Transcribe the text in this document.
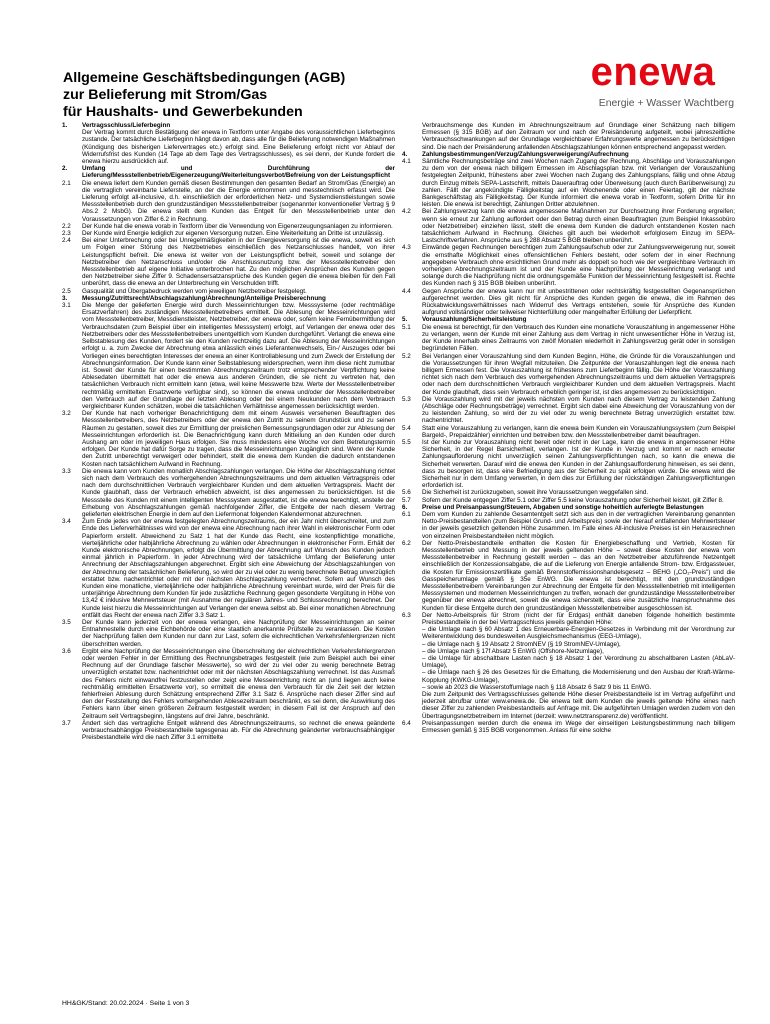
Allgemeine Geschäftsbedingungen (AGB)
zur Belieferung mit Strom/Gas
für Haushalts- und Gewerbekunden
enewa
Energie + Wasser Wachtberg
1. Vertragsschluss/Lieferbeginn
Der Vertrag kommt durch Bestätigung der enewa in Textform unter Angabe des voraussichtlichen Lieferbeginns zustande. Der tatsächliche Lieferbeginn hängt davon ab, dass alle für die Belieferung notwendigen Maßnahmen (Kündigung des bisherigen Liefervertrages etc.) erfolgt sind. Eine Belieferung erfolgt nicht vor Ablauf der Widerrufsfrist des Kunden (14 Tage ab dem Tage des Vertragsschlusses), es sei denn, der Kunde fordert die enewa hierzu ausdrücklich auf.
2. Umfang und Durchführung der Lieferung/Messstellenbetrieb/Eigenerzeugung/Weiterleitungsverbot/Befreiung von der Leistungspflicht
2.1 Die enewa liefert dem Kunden gemäß diesen Bestimmungen den gesamten Bedarf an Strom/Gas (Energie) an die vertraglich vereinbarte Lieferstelle, an der die Energie entnommen und messtechnisch erfasst wird. Die Lieferung erfolgt all-inclusive, d.h. einschließlich der erforderlichen Netz- und Systemdienstleistungen sowie Messstellenbetrieb durch den grundzuständigen Messstellenbetreiber (sogenannter konventioneller Vertrag § 9 Abs.2 2 MsbG). Die enewa stellt dem Kunden das Entgelt für den Messstellenbetrieb unter den Voraussetzungen von Ziffer 6.2 in Rechnung.
2.2 Der Kunde hat die enewa vorab in Textform über die Verwendung von Eigenerzeugungsanlagen zu informieren.
2.3 Der Kunde wird Energie lediglich zur eigenen Versorgung nutzen. Eine Weiterleitung an Dritte ist unzulässig.
2.4 Bei einer Unterbrechung oder bei Unregelmäßigkeiten in der Energieversorgung ist die enewa, soweit es sich um Folgen einer Störung des Netzbetriebes einschließlich des Netzanschlusses handelt, von ihrer Leistungspflicht befreit. Die enewa ist weiter von der Leistungspflicht befreit, soweit und solange der Netzbetreiber den Netzanschluss und/oder die Anschlussnutzung bzw. der Messstellenbetreiber den Messstellenbetrieb auf eigene Initiative unterbrochen hat. Zu den möglichen Ansprüchen des Kunden gegen den Netzbetreiber siehe Ziffer 9. Schadensersatzansprüche des Kunden gegen die enewa bleiben für den Fall unberührt, dass die enewa an der Unterbrechung ein Verschulden trifft.
2.5 Gasqualität und Übergabedruck werden vom jeweiligen Netzbetreiber festgelegt.
3. Messung/Zutrittsrecht/Abschlagszahlung/Abrechnung/Anteilige Preisberechnung
3.1 Die Menge der gelieferten Energie wird durch Messeinrichtungen bzw. Messsysteme (oder rechtmäßige Ersatzverfahren) des zuständigen Messstellenbetreibers ermittelt. Die Ablesung der Messeinrichtungen wird vom Messstellenbetreiber, Messdienstleister, Netzbetreiber, der enewa oder, sofern keine Fernübermittlung der Verbrauchsdaten (zum Beispiel über ein intelligentes Messsystem) erfolgt, auf Verlangen der enewa oder des Netzbetreibers oder des Messstellenbetreibers unentgeltlich vom Kunden durchgeführt. Verlangt die enewa eine Selbstablesung des Kunden, fordert sie den Kunden rechtzeitig dazu auf. Die Ablesung der Messeinrichtungen erfolgt u. a. zum Zwecke der Abrechnung etwa anlässlich eines Lieferantenwechsels, Ein-/ Auszuges oder bei Vorliegen eines berechtigten Interesses der enewa an einer Kontrollablesung und zum Zweck der Erstellung der Abrechnungsinformation. Der Kunde kann einer Selbstablesung widersprechen, wenn ihm diese nicht zumutbar ist. Soweit der Kunde für einen bestimmten Abrechnungszeitraum trotz entsprechender Verpflichtung keine Ablesedaten übermittelt hat oder die enewa aus anderen Gründen, die sie nicht zu vertreten hat, den tatsächlichen Verbrauch nicht ermitteln kann (etwa, weil keine Messwerte bzw. Werte der Messstellenbetreiber rechtmäßig ermittelten Ersatzwerte verfügbar sind), so können die enewa und/oder der Messstellenbetreiber den Verbrauch auf der Grundlage der letzten Ablesung oder bei einem Neukunden nach dem Verbrauch vergleichbarer Kunden schätzen, wobei die tatsächlichen Verhältnisse angemessen berücksichtigt werden.
3.2 Der Kunde hat nach vorheriger Benachrichtigung dem mit einem Ausweis versehenen Beauftragten des Messstellenbetreibers, des Netzbetreibers oder der enewa den Zutritt zu seinem Grundstück und zu seinen Räumen zu gestatten, soweit dies zur Ermittlung der preislichen Bemessungsgrundlagen oder zur Ablesung der Messeinrichtungen erforderlich ist. Die Benachrichtigung kann durch Mitteilung an den Kunden oder durch Aushang am oder im jeweiligen Haus erfolgen. Sie muss mindestens eine Woche vor dem Betretungstermin erfolgen. Der Kunde hat dafür Sorge zu tragen, dass die Messeinrichtungen zugänglich sind. Wenn der Kunde den Zutritt unberechtigt verweigert oder behindert, stellt die enewa dem Kunden die dadurch entstandenen Kosten nach tatsächlichem Aufwand in Rechnung.
3.3 Die enewa kann vom Kunden monatlich Abschlagszahlungen verlangen. Die Höhe der Abschlagszahlung richtet sich nach dem Verbrauch des vorhergehenden Abrechnungszeitraums und dem aktuellen Vertragspreis oder nach dem durchschnittlichen Verbrauch vergleichbarer Kunden und dem aktuellen Vertragspreis. Macht der Kunde glaubhaft, dass der Verbrauch erheblich abweicht, ist dies angemessen zu berücksichtigen. Ist die Messstelle des Kunden mit einem intelligenten Messsystem ausgestattet, ist die enewa berechtigt, anstelle der Erhebung von Abschlagszahlungen gemäß nachfolgender Ziffer, die Entgelte der nach diesem Vertrag gelieferten elektrischen Energie in dem auf den Liefermonat folgenden Kalendermonat abzurechnen.
3.4 Zum Ende jedes von der enewa festgelegten Abrechnungszeitraums, der ein Jahr nicht überschreitet, und zum Ende des Lieferverhältnisses wird von der enewa eine Abrechnung nach ihrer Wahl in elektronischer Form oder Papierform erstellt. Abweichend zu Satz 1 hat der Kunde das Recht, eine kostenpflichtige monatliche, vierteljährliche oder halbjährliche Abrechnung zu wählen oder Abrechnungen in elektronischer Form. Erhält der Kunde elektronische Abrechnungen, erfolgt die Übermittlung der Abrechnung auf Wunsch des Kunden jedoch einmal jährlich in Papierform. In jeder Abrechnung wird der tatsächliche Umfang der Belieferung unter Anrechnung der Abschlagszahlungen abgerechnet. Ergibt sich eine Abweichung der Abschlagszahlungen von der Abrechnung der tatsächlichen Belieferung, so wird der zu viel oder zu wenig berechnete Betrag unverzüglich erstattet bzw. nachentrichtet oder mit der nächsten Abschlagszahlung verrechnet. Sofern auf Wunsch des Kunden eine monatliche, vierteljährliche oder halbjährliche Abrechnung vereinbart wurde, wird der Preis für die unterjährige Abrechnung dem Kunden für jede zusätzliche Rechnung gegen gesonderte Vergütung in Höhe von 13,42 € inklusive Mehrwertsteuer (mit Ausnahme der regulären Jahres- und Schlussrechnung) berechnet. Der Kunde leist hierzu die Messeinrichtungen auf Verlangen der enewa selbst ab. Bei einer monatlichen Abrechnung entfällt das Recht der enewa nach Ziffer 3.3 Satz 1.
3.5 Der Kunde kann jederzeit von der enewa verlangen, eine Nachprüfung der Messeinrichtungen an seiner Entnahmestelle durch eine Eichbehörde oder eine staatlich anerkannte Prüfstelle zu veranlassen. Die Kosten der Nachprüfung fallen dem Kunden nur dann zur Last, sofern die eichrechtlichen Verkehrsfehlergrenzen nicht überschritten werden.
3.6 Ergibt eine Nachprüfung der Messeinrichtungen eine Überschreitung der eichrechtlichen Verkehrsfehlergrenzen oder werden Fehler in der Ermittlung des Rechnungsbetrages festgestellt (wie zum Beispiel auch bei einer Rechnung auf der Grundlage falscher Messwerte), so wird der zu viel oder zu wenig berechnete Betrag unverzüglich erstattet bzw. nachentrichtet oder mit der nächsten Abschlagszahlung verrechnet. Ist das Ausmaß des Fehlers nicht einwandfrei festzustellen oder zeigt eine Messeinrichtung nicht an (und liegen auch keine rechtmäßig ermittelten Ersatzwerte vor), so ermittelt die enewa den Verbrauch für die Zeit seit der letzten fehlerfreien Ablesung durch Schätzung entsprechend Ziffer 3.1 Satz 6. Ansprüche nach dieser Ziffer sind auf den der Feststellung des Fehlers vorhergehenden Ablesezeitraum beschränkt, es sei denn, die Auswirkung des Fehlers kann über einen größeren Zeitraum festgestellt werden; in diesem Fall ist der Anspruch auf den Zeitraum seit Vertragsbeginn, längstens auf drei Jahre, beschränkt.
3.7 Ändert sich das vertragliche Entgelt während des Abrechnungszeitraums, so rechnet die enewa geänderte verbrauchsabhängige Preisbestandteile tagesgenau ab. Für die Abrechnung geänderter verbrauchsabhängiger Preisbestandteile wird die nach Ziffer 3.1 ermittelte
Verbrauchsmenge des Kunden im Abrechnungszeitraum auf Grundlage einer Schätzung nach billigem Ermessen (§ 315 BGB) auf den Zeitraum vor und nach der Preisänderung aufgeteilt, wobei jahreszeitliche Verbrauchsschwankungen auf der Grundlage vergleichbarer Erfahrungswerte angemessen zu berücksichtigen sind. Die nach der Preisänderung anfallenden Abschlagszahlungen können entsprechend angepasst werden.
4. Zahlungsbestimmungen/Verzug/Zahlungsverweigerung/Aufrechnung
4.1 Sämtliche Rechnungsbeträge sind zwei Wochen nach Zugang der Rechnung, Abschläge und Vorauszahlungen zu dem von der enewa nach billigem Ermessen im Abschlagsplan bzw. mit Verlangen der Vorauszahlung festgelegten Zeitpunkt, frühestens aber zwei Wochen nach Zugang des Zahlungsplans, fällig und ohne Abzug durch Einzug mittels SEPA-Lastschrift, mittels Dauerauftrag oder Überweisung (auch durch Barüberweisung) zu zahlen. Fällt der angekündigte Fälligkeitstag auf ein Wochenende oder einen Feiertag, gilt der nächste Bankgeschäftstag als Fälligkeitstag. Der Kunde informiert die enewa vorab in Textform, sofern Dritte für ihn leisten. Die enewa ist berechtigt, Zahlungen Dritter abzulehnen.
4.2 Bei Zahlungsverzug kann die enewa angemessene Maßnahmen zur Durchsetzung ihrer Forderung ergreifen; wenn sie erneut zur Zahlung auffordert oder den Betrag durch einen Beauftragten (zum Beispiel Inkassobüro oder Netzbetreiber) einziehen lässt, stellt die enewa dem Kunden die dadurch entstandenen Kosten nach tatsächlichem Aufwand in Rechnung. Gleiches gilt auch bei wiederholt erfolglosem Einzug im SEPA-Lastschriftverfahren. Ansprüche aus § 288 Absatz 5 BGB bleiben unberührt.
4.3 Einwände gegen Rechnungen berechtigen zum Zahlungsaufschub oder zur Zahlungsverweigerung nur, soweit die ernsthafte Möglichkeit eines offensichtlichen Fehlers besteht, oder sofern der in einer Rechnung angegebene Verbrauch ohne ersichtlichen Grund mehr als doppelt so hoch wie der vergleichbare Verbrauch im vorherigen Abrechnungszeitraum ist und der Kunde eine Nachprüfung der Messeinrichtung verlangt und solange durch die Nachprüfung nicht die ordnungsgemäße Funktion der Messeinrichtung festgestellt ist. Rechte des Kunden nach § 315 BGB bleiben unberührt.
4.4 Gegen Ansprüche der enewa kann nur mit unbestrittenen oder rechtskräftig festgestellten Gegenansprüchen aufgerechnet werden. Dies gilt nicht für Ansprüche des Kunden gegen die enewa, die im Rahmen des Rückabwicklungsverhältnisses nach Widerruf des Vertrags entstehen, sowie für Ansprüche des Kunden aufgrund vollständiger oder teilweiser Nichterfüllung oder mangelhafter Erfüllung der Lieferpflicht.
5. Vorauszahlung/Sicherheitsleistung
5.1 Die enewa ist berechtigt, für den Verbrauch des Kunden eine monatliche Vorauszahlung in angemessener Höhe zu verlangen, wenn der Kunde mit einer Zahlung aus dem Vertrag in nicht unwesentlicher Höhe in Verzug ist, der Kunde innerhalb eines Zeitraums von zwölf Monaten wiederholt in Zahlungsverzug gerät oder in sonstigen begründeten Fällen.
5.2 Bei Verlangen einer Vorauszahlung sind dem Kunden Beginn, Höhe, die Gründe für die Vorauszahlungen und die Voraussetzungen für ihren Wegfall mitzuteilen. Die Zeitpunkte der Vorauszahlungen legt die enewa nach billigem Ermessen fest. Die Vorauszahlung ist frühestens zum Lieferbeginn fällig. Die Höhe der Vorauszahlung richtet sich nach dem Verbrauch des vorhergehenden Abrechnungszeitraums und dem aktuellen Vertragspreis oder nach dem durchschnittlichen Verbrauch vergleichbarer Kunden und dem aktuellen Vertragspreis. Macht der Kunde glaubhaft, dass sein Verbrauch erheblich geringer ist, ist dies angemessen zu berücksichtigen.
5.3 Die Vorauszahlung wird mit der jeweils nächsten vom Kunden nach diesem Vertrag zu leistenden Zahlung (Abschläge oder Rechnungsbeträge) verrechnet. Ergibt sich dabei eine Abweichung der Vorauszahlung von der zu leistenden Zahlung, so wird der zu viel oder zu wenig berechnete Betrag unverzüglich erstattet bzw. nachentrichtet.
5.4 Statt eine Vorauszahlung zu verlangen, kann die enewa beim Kunden ein Vorauszahlungssystem (zum Beispiel Bargeld-, Prepaidzähler) einrichten und betreiben bzw. den Messstellenbetreiber damit beauftragen.
5.5 Ist der Kunde zur Vorauszahlung nicht bereit oder nicht in der Lage, kann die enewa in angemessener Höhe Sicherheit, in der Regel Barsicherheit, verlangen. Ist der Kunde in Verzug und kommt er nach erneuter Zahlungsaufforderung nicht unverzüglich seinen Zahlungsverpflichtungen nach, so kann die enewa die Sicherheit verwerten. Darauf wird die enewa den Kunden in der Zahlungsaufforderung hinweisen, es sei denn, dass zu besorgen ist, dass eine Befriedigung aus der Sicherheit zu spät erfolgen würde. Die enewa wird die Sicherheit nur in dem Umfang verwerten, in dem dies zur Erfüllung der rückständigen Zahlungsverpflichtungen erforderlich ist.
5.6 Die Sicherheit ist zurückzugeben, soweit ihre Voraussetzungen weggefallen sind.
5.7 Sofern der Kunde entgegen Ziffer 5.1 oder Ziffer 5.5 keine Vorauszahlung oder Sicherheit leistet, gilt Ziffer 8.
6. Preise und Preisanpassung/Steuern, Abgaben und sonstige hoheitlich auferlegte Belastungen
6.1 Dem vom Kunden zu zahlende Gesamtentgelt setzt sich aus den in der vertraglichen Vereinbarung genannten Netto-Preisbestandteilen (zum Beispiel Grund- und Arbeitspreis) sowie der hierauf entfallenden Mehrwertsteuer in der jeweils gesetzlich geltenden Höhe zusammen. Im Falle eines All-inclusive Preises ist ein Herausrechnen von einzelnen Preisbestandteilen nicht möglich.
6.2 Der Netto-Preisbestandteile enthalten die Kosten für Energiebeschaffung und Vertrieb, Kosten für Messstellenbetrieb und Messung in der jeweils geltenden Höhe – soweit diese Kosten der enewa vom Messstellenbetreiber in Rechnung gestellt werden – das an den Netzbetreiber abzuführende Netzentgelt einschließlich der Konzessionsabgabe, die auf die Lieferung von Energie anfallende Strom- bzw. Erdgassteuer, die Kosten für Emissionszertifikate gemäß Brennstoffemissionshandelsgesetz – BEHG („CO₂-Preis") und die Gasspeicherumlage gemäß § 35e EnWG. Die enewa ist berechtigt, mit den grundzuständigen Messstellenbetreibern Vereinbarungen zur Abrechnung der Entgelte für den Messstellenbetrieb mit intelligenten Messsystemen und modernen Messeinrichtungen zu treffen, wonach der grundzuständige Messstellenbetreiber gegenüber der enewa abrechnet, soweit die enewa sicherstellt, dass eine zusätzliche Inanspruchnahme des Kunden für diese Entgelte durch den grundzuständigen Messstellenbetreiber ausgeschlossen ist.
6.3 Der Netto-Arbeitspreis für Strom (nicht der für Erdgas) enthält daneben folgende hoheitlich bestimmte Preisbestandteile in der bei Vertragsschluss jeweils geltenden Höhe:
– die Umlage nach § 60 Absatz 1 des Erneuerbare-Energien-Gesetzes in Verbindung mit der Verordnung zur Weiterentwicklung des bundesweiten Ausgleichsmechanismus (EEG-Umlage),
– die Umlage nach § 19 Absatz 2 StromNEV (§ 19 StromNEV-Umlage),
– die Umlage nach § 17f Absatz 5 EnWG (Offshore-Netzumlage),
– die Umlage für abschaltbare Lasten nach § 18 Absatz 1 der Verordnung zu abschaltbaren Lasten (AbLaV-Umlage),
– die Umlage nach § 26 des Gesetzes für die Erhaltung, die Modernisierung und den Ausbau der Kraft-Wärme-Kopplung (KWKG-Umlage),
– sowie ab 2023 die Wasserstoffumlage nach § 118 Absatz 6 Satz 9 bis 11 EnWG.
Die zum Zeitpunkt des Vertragsschlusses geltende Höhe dieser Preisbestandteile ist im Vertrag aufgeführt und jederzeit abrufbar unter www.enewa.de. Die enewa teilt dem Kunden die jeweils geltende Höhe eines nach dieser Ziffer zu zahlenden Preisbestandteils auf Anfrage mit. Die aufgeführten Umlagen werden zudem von den Übertragungsnetzbetreibern im Internet (derzeit: www.netztransparenz.de) veröffentlicht.
6.4 Preisanpassungen werden durch die enewa im Wege der einseitigen Leistungsbestimmung nach billigem Ermessen gemäß § 315 BGB vorgenommen. Anlass für eine solche
HH&GK/Stand: 20.02.2024 · Seite 1 von 3
